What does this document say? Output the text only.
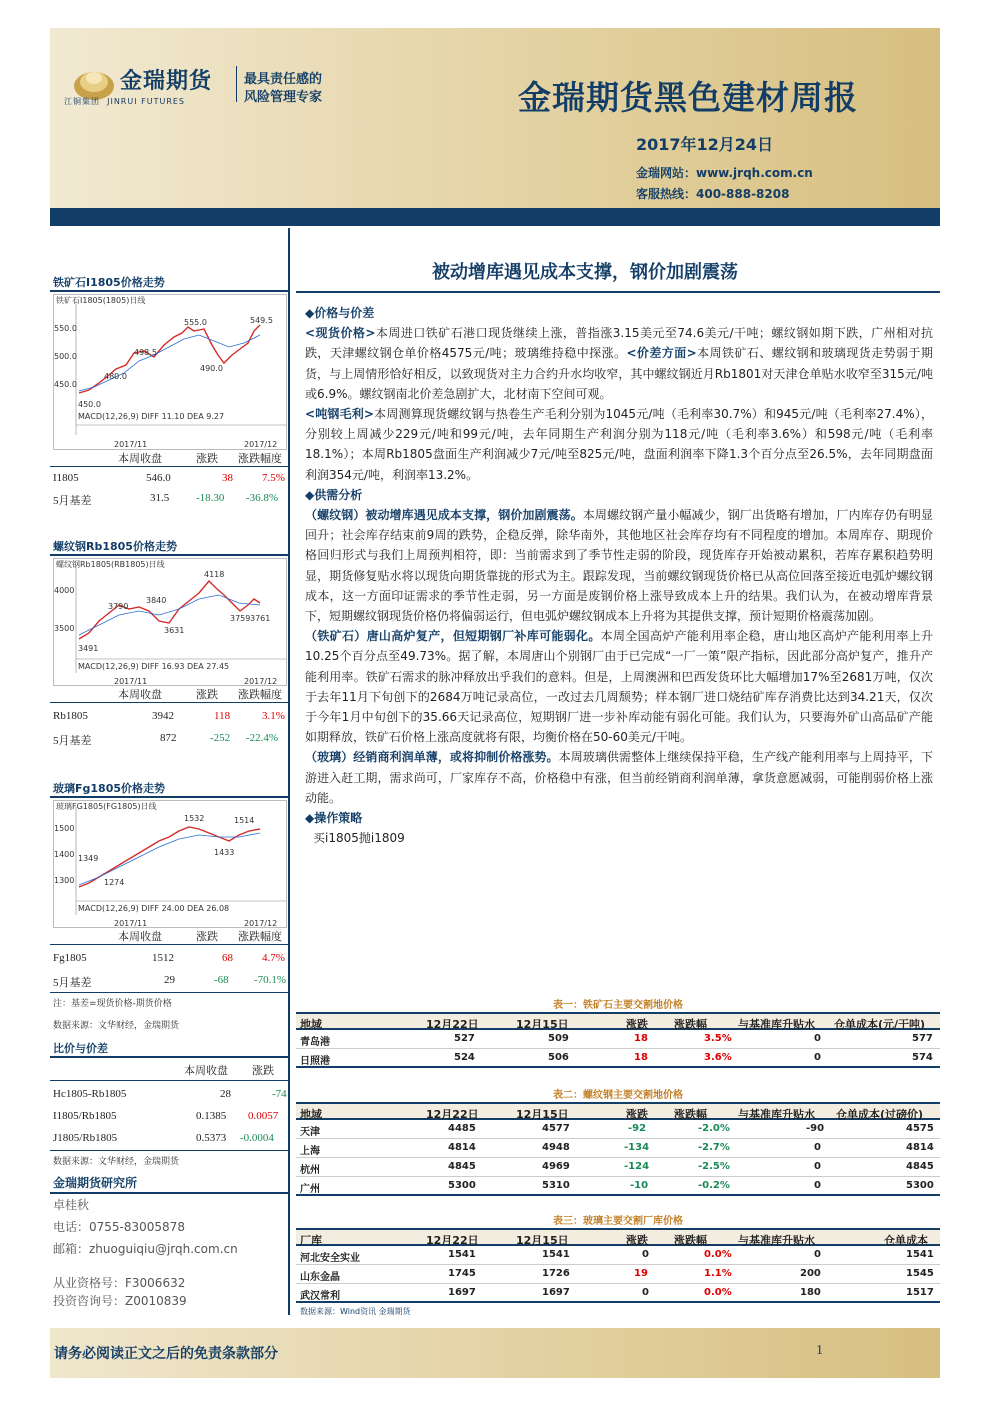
金瑞期货
江铜集团 JINRUI FUTURES
最具责任感的
风险管理专家	金瑞期货黑色建材周报
2017年12月24日
金瑞网站：www.jrqh.com.cn
客服热线：400-888-8208
铁矿石I1805价格走势
铁矿石I1805(1805)日线
550.0
500.0
450.0
555.0
498.5
480.0
490.0
549.5
450.0
MACD(12,26,9) DIFF 11.10 DEA 9.27
2017/11	2017/12
本周收盘	涨跌 涨跌幅度
I1805	546.0	38	7.5%
5月基差	31.5 -18.30 -36.8%
螺纹钢Rb1805价格走势
螺纹钢Rb1805(RB1805)日线
4000
3500
4118
3790
3840
3631
3759 3761
3491
MACD(12,26,9) DIFF 16.93 DEA 27.45
2017/11	2017/12
本周收盘	涨跌 涨跌幅度
Rb1805	3942	118	3.1%
5月基差	872	-252 -22.4%
玻璃Fg1805价格走势
玻璃FG1805(FG1805)日线
1500
1400
1300
1532	1514
1433
1349
1274
MACD(12,26,9) DIFF 24.00 DEA 26.08
2017/11	2017/12
本周收盘	涨跌 涨跌幅度
Fg1805	1512	68	4.7%
5月基差	29	-68 -70.1%
注：基差=现货价格-期货价格
数据来源：文华财经，金瑞期货
比价与价差
本周收盘 涨跌
Hc1805-Rb1805	28	-74
I1805/Rb1805	0.1385 0.0057
J1805/Rb1805	0.5373 -0.0004
数据来源：文华财经，金瑞期货
金瑞期货研究所
卓桂秋
电话：0755-83005878
邮箱：zhuoguiqiu@jrqh.com.cn
从业资格号：F3006632
投资咨询号：Z0010839
被动增库遇见成本支撑，钢价加剧震荡
◆价格与价差

<现货价格>本周进口铁矿石港口现货继续上涨，普指涨3.15美元至74.6美元/干吨；螺纹钢如期下跌，广州相对抗跌，天津螺纹钢仓单价格4575元/吨；玻璃维持稳中探涨。<价差方面>本周铁矿石、螺纹钢和玻璃现货走势弱于期货，与上周情形恰好相反，以致现货对主力合约升水均收窄，其中螺纹钢近月Rb1801对天津仓单贴水收窄至315元/吨或6.9%。螺纹钢南北价差急剧扩大，北材南下空间可观。

<吨钢毛利>本周测算现货螺纹钢与热卷生产毛利分别为1045元/吨（毛利率30.7%）和945元/吨（毛利率27.4%），分别较上周减少229元/吨和99元/吨，去年同期生产利润分别为118元/吨（毛利率3.6%）和598元/吨（毛利率18.1%）；本周Rb1805盘面生产利润减少7元/吨至825元/吨，盘面利润率下降1.3个百分点至26.5%，去年同期盘面利润354元/吨，利润率13.2%。

◆供需分析

（螺纹钢）被动增库遇见成本支撑，钢价加剧震荡。本周螺纹钢产量小幅减少，钢厂出货略有增加，厂内库存仍有明显回升；社会库存结束前9周的跌势，企稳反弹，除华南外，其他地区社会库存均有不同程度的增加。本周库存、期现价格回归形式与我们上周预判相符，即：当前需求到了季节性走弱的阶段，现货库存开始被动累积，若库存累积趋势明显，期货修复贴水将以现货向期货靠拢的形式为主。跟踪发现，当前螺纹钢现货价格已从高位回落至接近电弧炉螺纹钢成本，这一方面印证需求的季节性走弱，另一方面是废钢价格上涨导致成本上升的结果。我们认为，在被动增库背景下，短期螺纹钢现货价格仍将偏弱运行，但电弧炉螺纹钢成本上升将为其提供支撑，预计短期价格震荡加剧。

（铁矿石）唐山高炉复产，但短期钢厂补库可能弱化。本周全国高炉产能利用率企稳，唐山地区高炉产能利用率上升10.25个百分点至49.73%。据了解，本周唐山个别钢厂由于已完成“一厂一策”限产指标，因此部分高炉复产，推升产能利用率。铁矿石需求的脉冲释放出乎我们的意料。但是，上周澳洲和巴西发货环比大幅增加17%至2681万吨，仅次于去年11月下旬创下的2684万吨记录高位，一改过去几周颓势；样本钢厂进口烧结矿库存消费比达到34.21天，仅次于今年1月中旬创下的35.66天记录高位，短期钢厂进一步补库动能有弱化可能。我们认为，只要海外矿山高品矿产能如期释放，铁矿石价格上涨高度就将有限，均衡价格在50-60美元/干吨。

（玻璃）经销商利润单薄，或将抑制价格涨势。本周玻璃供需整体上继续保持平稳，生产线产能利用率与上周持平，下游进入赶工期，需求尚可，厂家库存不高，价格稳中有涨，但当前经销商利润单薄，拿货意愿减弱，可能削弱价格上涨动能。

◆操作策略

买i1805抛i1809

表一：铁矿石主要交割地价格
地域	12月22日	12月15日	涨跌 涨跌幅	与基准库升贴水 仓单成本(元/干吨)
青岛港	527	509	18	3.5%	0	577
日照港	524	506	18	3.6%	0	574
表二：螺纹钢主要交割地价格
地域	12月22日	12月15日	涨跌 涨跌幅	与基准库升贴水 仓单成本(过磅价)
天津	4485	4577	-92	-2.0%	-90	4575
上海	4814	4948	-134	-2.7%	0	4814
杭州	4845	4969	-124	-2.5%	0	4845
广州	5300	5310	-10	-0.2%	0	5300
表三：玻璃主要交割厂库价格
厂库	12月22日	12月15日	涨跌 涨跌幅	与基准库升贴水	仓单成本
河北安全实业	1541	1541	0	0.0%	0	1541
山东金晶	1745	1726	19	1.1%	200	1545
武汉常利	1697	1697	0	0.0%	180	1517
数据来源：Wind资讯 金瑞期货
请务必阅读正文之后的免责条款部分	1
